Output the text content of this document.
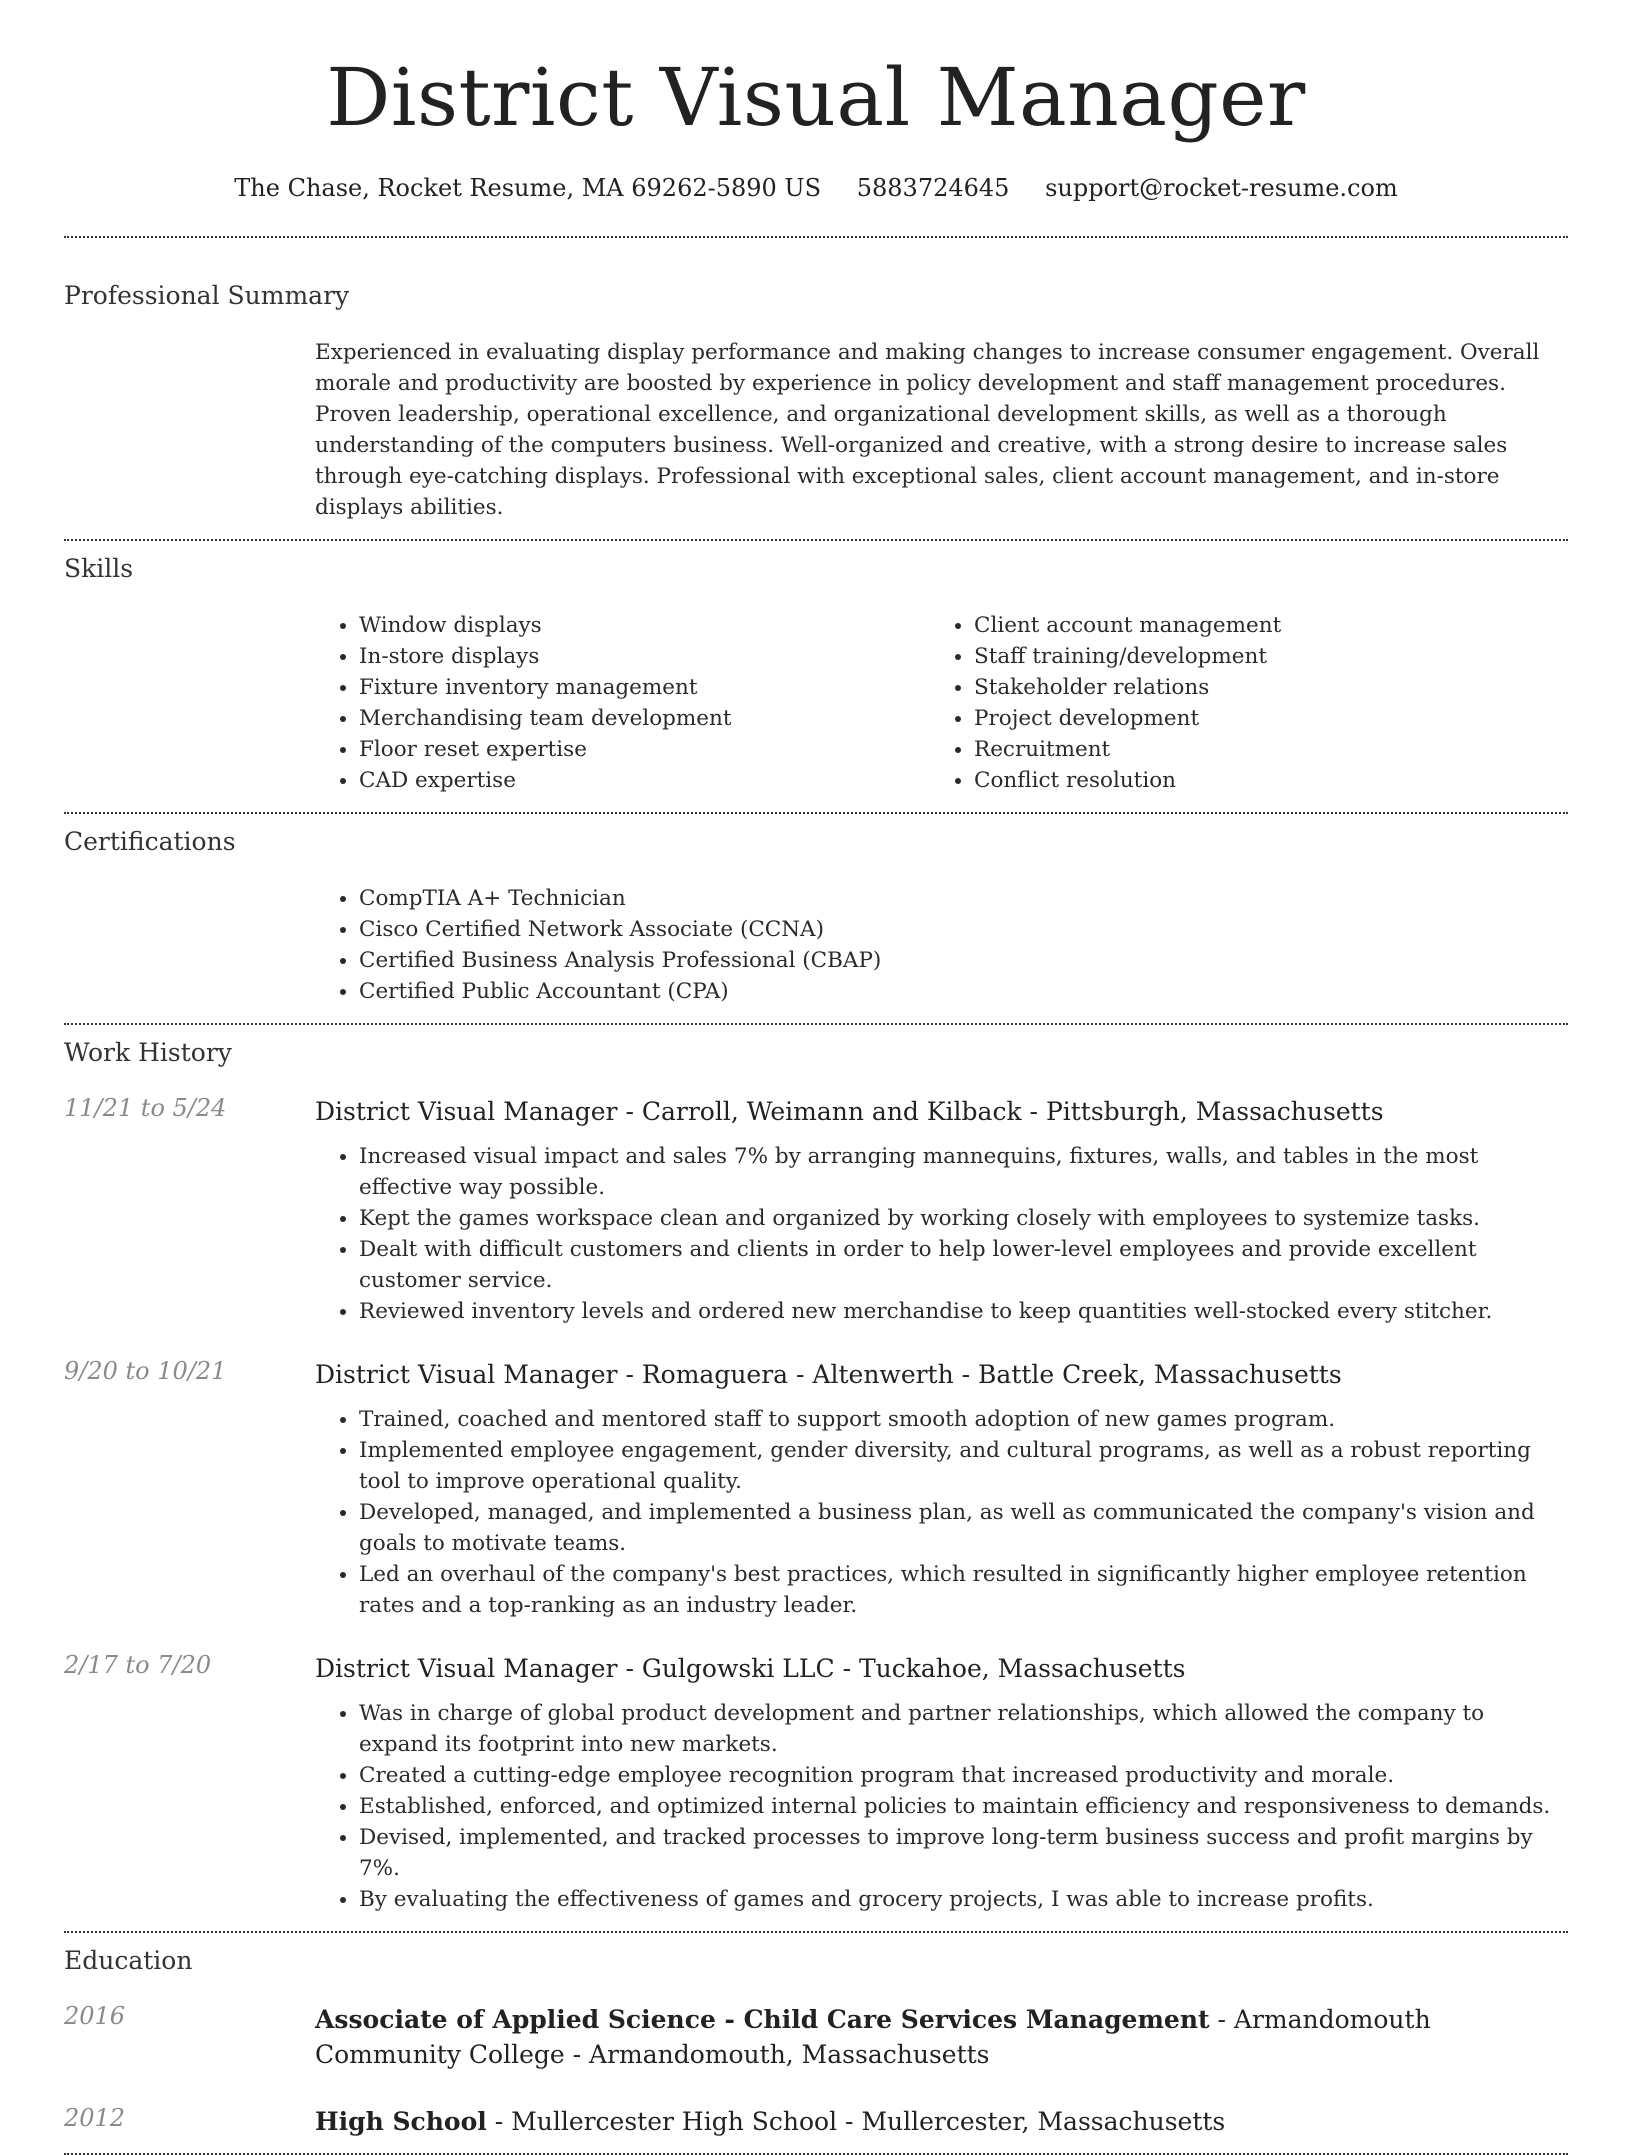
District Visual Manager
The Chase, Rocket Resume, MA 69262-5890 US 5883724645 support@rocket-resume.com
Professional Summary
Experienced in evaluating display performance and making changes to increase consumer engagement. Overall morale and productivity are boosted by experience in policy development and staff management procedures. Proven leadership, operational excellence, and organizational development skills, as well as a thorough understanding of the computers business. Well-organized and creative, with a strong desire to increase sales through eye-catching displays. Professional with exceptional sales, client account management, and in-store displays abilities.
Skills
• Window displays
• In-store displays
• Fixture inventory management
• Merchandising team development
• Floor reset expertise
• CAD expertise
• Client account management
• Staff training/development
• Stakeholder relations
• Project development
• Recruitment
• Conflict resolution
Certifications
• CompTIA A+ Technician
• Cisco Certified Network Associate (CCNA)
• Certified Business Analysis Professional (CBAP)
• Certified Public Accountant (CPA)
Work History
11/21 to 5/24	District Visual Manager - Carroll, Weimann and Kilback - Pittsburgh, Massachusetts
• Increased visual impact and sales 7% by arranging mannequins, fixtures, walls, and tables in the most effective way possible.
• Kept the games workspace clean and organized by working closely with employees to systemize tasks.
• Dealt with difficult customers and clients in order to help lower-level employees and provide excellent customer service.
• Reviewed inventory levels and ordered new merchandise to keep quantities well-stocked every stitcher.
9/20 to 10/21	District Visual Manager - Romaguera - Altenwerth - Battle Creek, Massachusetts
• Trained, coached and mentored staff to support smooth adoption of new games program.
• Implemented employee engagement, gender diversity, and cultural programs, as well as a robust reporting tool to improve operational quality.
• Developed, managed, and implemented a business plan, as well as communicated the company's vision and goals to motivate teams.
• Led an overhaul of the company's best practices, which resulted in significantly higher employee retention rates and a top-ranking as an industry leader.
2/17 to 7/20	District Visual Manager - Gulgowski LLC - Tuckahoe, Massachusetts
• Was in charge of global product development and partner relationships, which allowed the company to expand its footprint into new markets.
• Created a cutting-edge employee recognition program that increased productivity and morale.
• Established, enforced, and optimized internal policies to maintain efficiency and responsiveness to demands.
• Devised, implemented, and tracked processes to improve long-term business success and profit margins by 7%.
• By evaluating the effectiveness of games and grocery projects, I was able to increase profits.
Education
2016	Associate of Applied Science - Child Care Services Management - Armandomouth Community College - Armandomouth, Massachusetts
2012	High School - Mullercester High School - Mullercester, Massachusetts
